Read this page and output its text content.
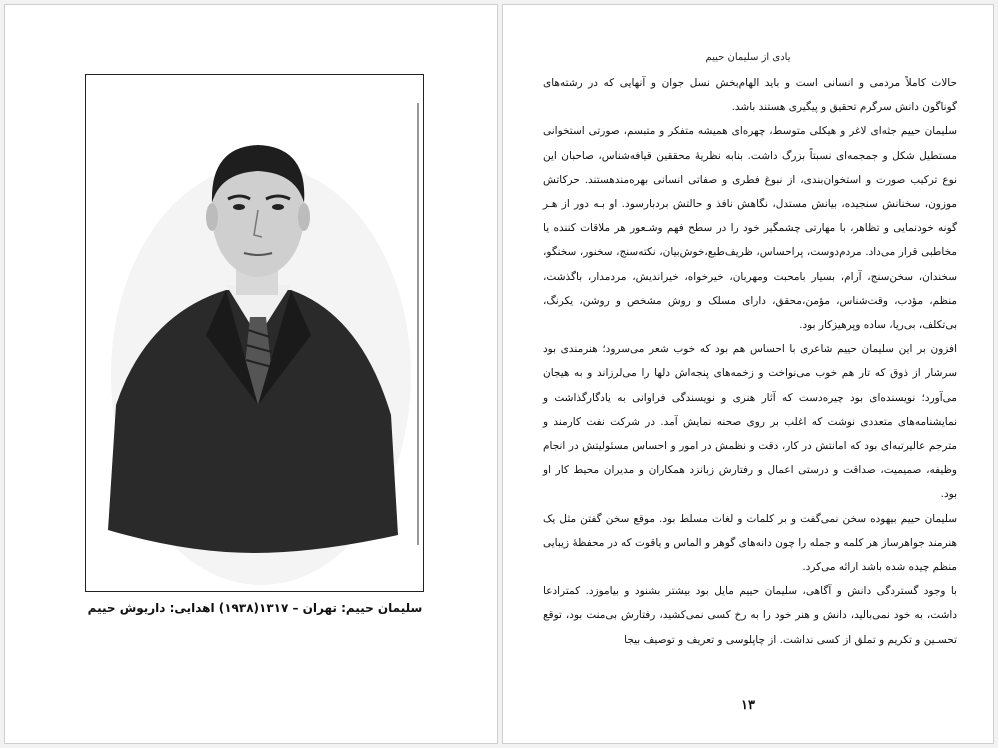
سلیمان حییم: تهران – ۱۳۱۷(۱۹۳۸) اهدایی: داریوش حییم
یادی از سلیمان حییم

حالات کاملاً مردمی و انسانی است و باید الهام‌بخش نسل جوان و آنهایی که در رشته‌های گوناگون دانش سرگرم تحقیق و پیگیری هستند باشد.

سلیمان حییم جثه‌ای لاغر و هیکلی متوسط، چهره‌ای همیشه متفکر و متبسم، صورتی استخوانی مستطیل شکل و جمجمه‌ای نسبتاً بزرگ داشت. بنابه نظریهٔ محققین قیافه‌شناس، صاحبان این نوع ترکیب صورت و استخوان‌بندی، از نبوغ فطری و صفاتی انسانی بهره‌مندهستند. حرکاتش موزون، سخنانش سنجیده، بیانش مستدل، نگاهش نافذ و حالتش بردبارسود. او بـه دور از هـر گونه خودنمایی و تظاهر، با مهارتی چشمگیر خود را در سطح فهم وشـعور هر ملاقات کننده یا مخاطبی قرار می‌داد. مردم‌دوست، پراحساس، ظریف‌طبع،خوش‌بیان، نکته‌سنج، سخنور، سخنگو، سخندان، سخن‌سنج، آرام، بسیار بامحبت ومهربان، خیرخواه، خیراندیش، مردمدار، باگذشت، منظم، مؤدب، وقت‌شناس، مؤمن،محقق، دارای مسلک و روش مشخص و روشن، یکرنگ، بی‌تکلف، بی‌ریا، ساده وپرهیزکار بود.

افزون بر این سلیمان حییم شاعری با احساس هم بود که خوب شعر می‌سرود؛ هنرمندی بود سرشار از ذوق که تار هم خوب می‌نواخت و زخمه‌های پنجه‌اش دلها را می‌لرزاند و به هیجان می‌آورد؛ نویسنده‌ای بود چیره‌دست که آثار هنری و نویسندگی فراوانی به یادگارگذاشت و نمایشنامه‌های متعددی نوشت که اغلب بر روی صحنه نمایش آمد. در شرکت نفت کارمند و مترجم عالیرتبه‌ای بود که امانتش در کار، دقت و نظمش در امور و احساس مسئولیتش در انجام وظیفه، صمیمیت، صداقت و درستی اعمال و رفتارش زبانزد همکاران و مدیران محیط کار او بود.

سلیمان حییم بیهوده سخن نمی‌گفت و بر کلمات و لغات مسلط بود. موقع سخن گفتن مثل یک هنرمند جواهرساز هر کلمه و جمله را چون دانه‌های گوهر و الماس و یاقوت که در محفظهٔ زیبایی منظم چیده شده باشد ارائه می‌کرد.

با وجود گستردگی دانش و آگاهی، سلیمان حییم مایل بود بیشتر بشنود و بیاموزد. کمترادعا داشت، به خود نمی‌بالید، دانش و هنر خود را به رخ کسی نمی‌کشید، رفتارش بی‌منت بود، توقع تحسـین و تکریم و تملق از کسی نداشت. از چاپلوسی و تعریف و توصیف بیجا

۱۳
